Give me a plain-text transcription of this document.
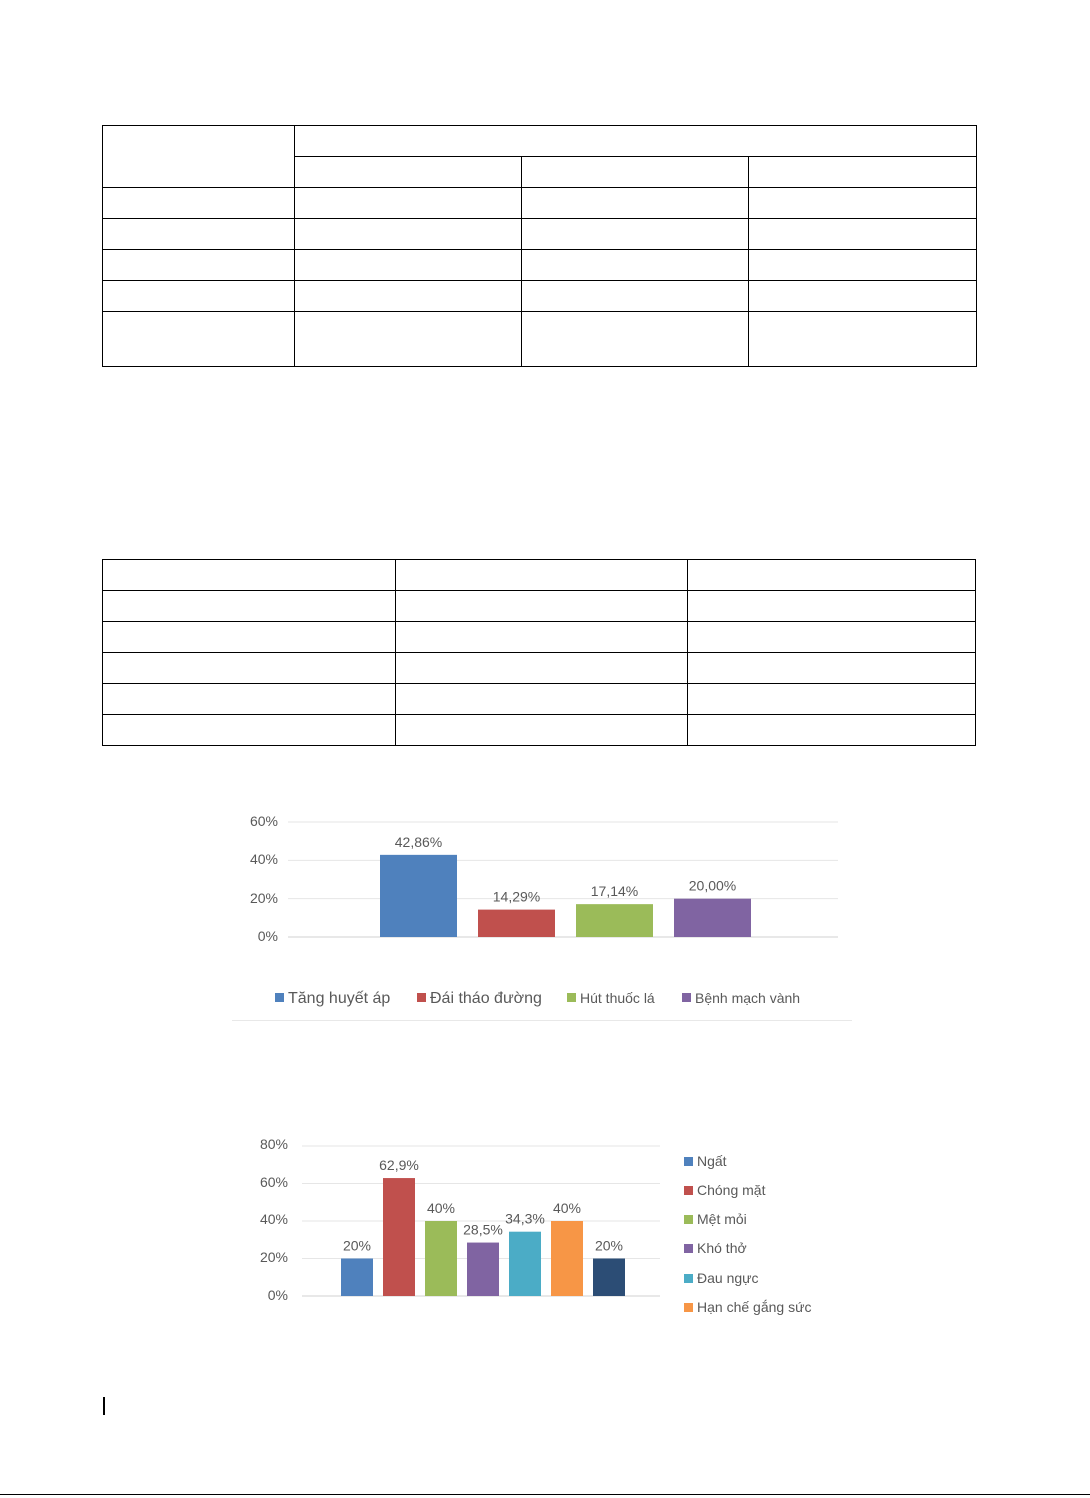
0%
20%
40%
60%
42,86%
14,29%	17,14%	20,00%
Tăng huyết áp Đái tháo đường	Hút thuốc lá	Bệnh mạch vành
0%
20%
40%
60%
80%
20%
62,9%
40%
28,5%
34,3%
40%
20%
Ngất
Chóng mặt
Mệt mỏi
Khó thở
Đau ngực
Hạn chế gắng sức
